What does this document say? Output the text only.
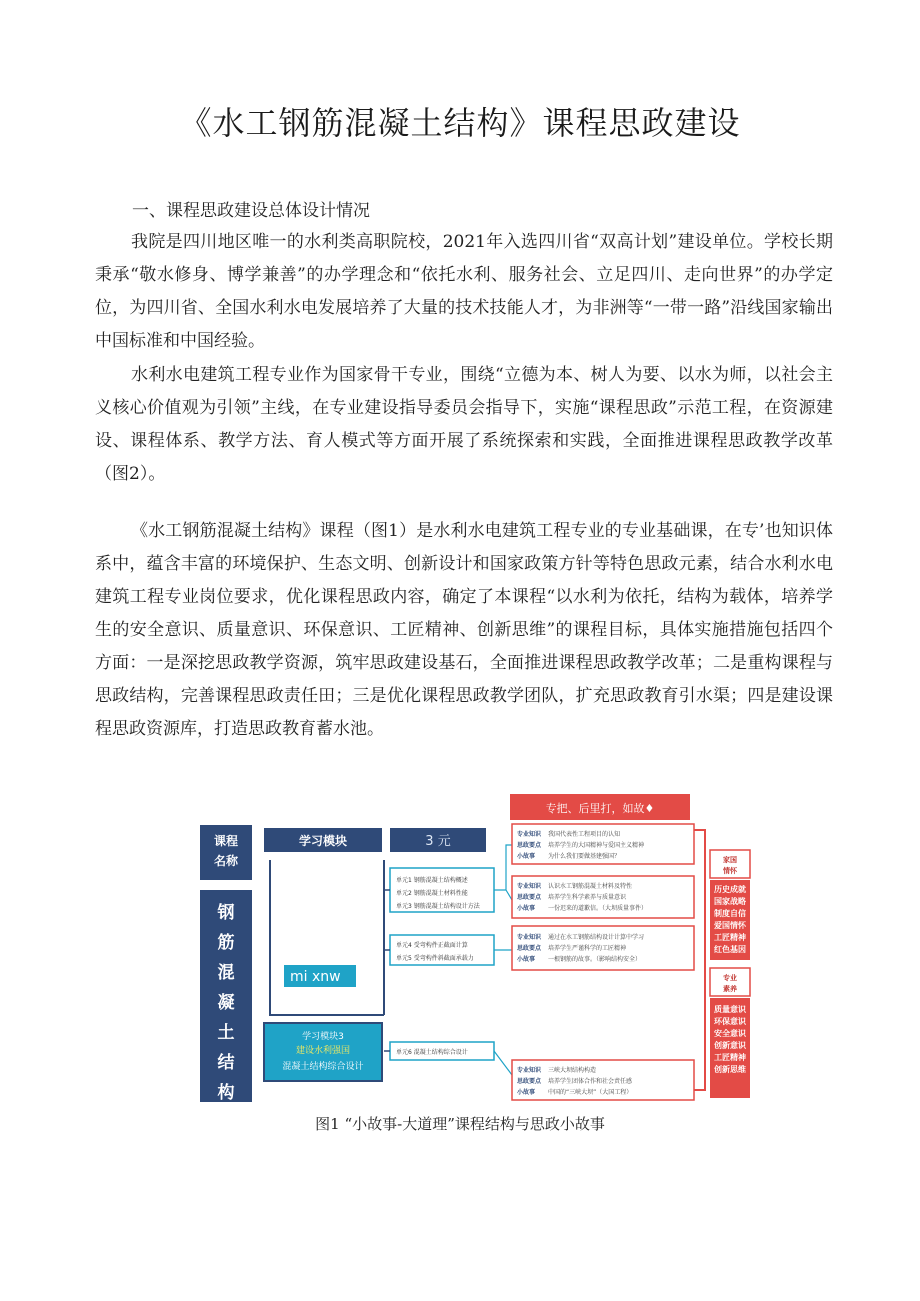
《水工钢筋混凝土结构》课程思政建设
一、课程思政建设总体设计情况

我院是四川地区唯一的水利类高职院校，2021年入选四川省“双高计划”建设单位。学校长期秉承“敬水修身、博学兼善”的办学理念和“依托水利、服务社会、立足四川、走向世界”的办学定位，为四川省、全国水利水电发展培养了大量的技术技能人才，为非洲等“一带一路”沿线国家输出中国标准和中国经验。

水利水电建筑工程专业作为国家骨干专业，围绕“立德为本、树人为要、以水为师，以社会主义核心价值观为引领”主线，在专业建设指导委员会指导下，实施“课程思政”示范工程，在资源建设、课程体系、教学方法、育人模式等方面开展了系统探索和实践，全面推进课程思政教学改革（图2）。

《水工钢筋混凝土结构》课程（图1）是水利水电建筑工程专业的专业基础课，在专’也知识体系中，蕴含丰富的环境保护、生态文明、创新设计和国家政策方针等特色思政元素，结合水利水电建筑工程专业岗位要求，优化课程思政内容，确定了本课程“以水利为依托，结构为载体，培养学生的安全意识、质量意识、环保意识、工匠精神、创新思维”的课程目标，具体实施措施包括四个方面：一是深挖思政教学资源，筑牢思政建设基石，全面推进课程思政教学改革；二是重构课程与思政结构，完善课程思政责任田；三是优化课程思政教学团队，扩充思政教育引水渠；四是建设课程思政资源库，打造思政教育蓄水池。

课程
名称
钢
筋
混
凝
土
结
构
学习模块	3 元
mi xnw
学习模块3
建设水利强国
混凝土结构综合设计
单元1 钢筋混凝土结构概述
单元2 钢筋混凝土材料性能
单元3 钢筋混凝土结构设计方法
单元4 受弯构件正截面计算
单元5 受弯构件斜截面承载力
单元6 混凝土结构综合设计
专把、后里打，如故♦
专业知识 我国代表性工程项目的认知
思政要点 培养学生的大国精神与爱国主义精神
小故事 为什么我们要做基建强国？
专业知识 认识水工钢筋混凝土材料及特性
思政要点 培养学生科学素养与质量意识
小故事 一份迟来的道歉信。（大坝质量事件）
专业知识 通过在水工钢筋结构设计计算中学习
思政要点 培养学生严谨科学的工匠精神
小故事 一根钢筋的故事。（影响结构安全）
专业知识 三峡大坝结构构造
思政要点 培养学生团体合作和社会责任感
小故事 中国的“三峡大坝”（大国工程）
家国
情怀
历史成就
国家战略
制度自信
爱国情怀
工匠精神
红色基因
专业
素养
质量意识
环保意识
安全意识
创新意识
工匠精神
创新思维
图1 “小故事-大道理”课程结构与思政小故事
